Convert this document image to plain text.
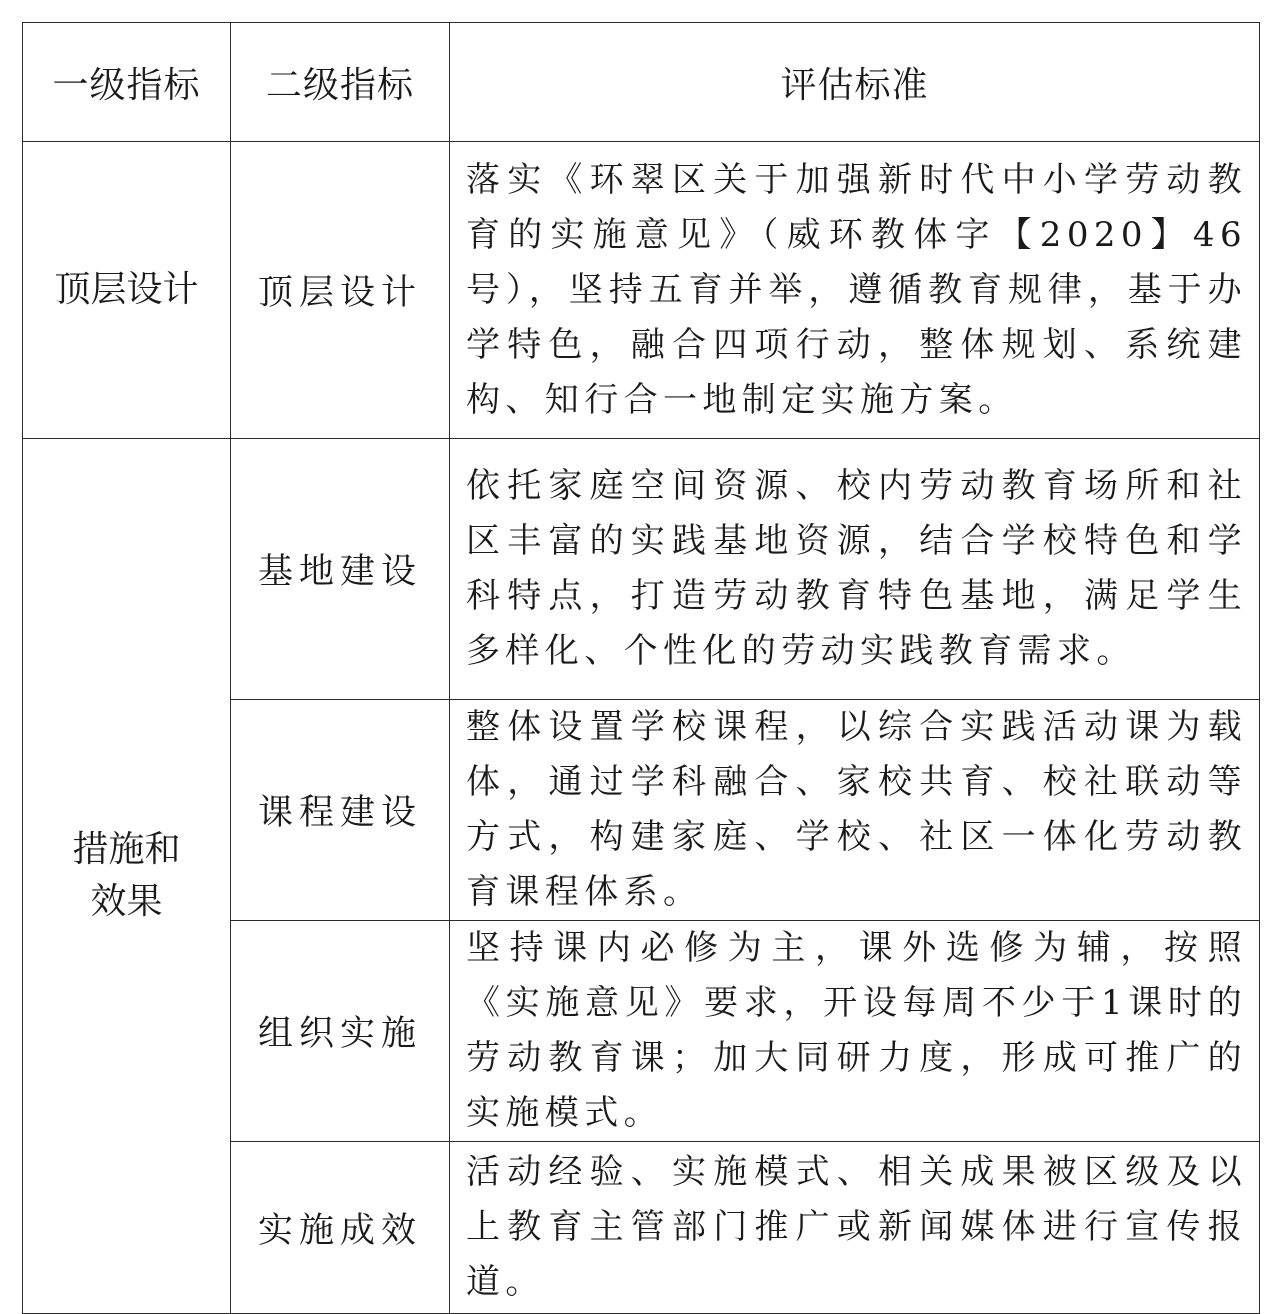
一级指标	二级指标	评估标准
顶层设计	顶层设计	落实《环翠区关于加强新时代中小学劳动教育的实施意见》（威环教体字【2020】46号），坚持五育并举，遵循教育规律，基于办学特色，融合四项行动，整体规划、系统建构、知行合一地制定实施方案。

措施和
效果	基地建设	依托家庭空间资源、校内劳动教育场所和社区丰富的实践基地资源，结合学校特色和学科特点，打造劳动教育特色基地，满足学生多样化、个性化的劳动实践教育需求。
	课程建设	整体设置学校课程，以综合实践活动课为载体，通过学科融合、家校共育、校社联动等方式，构建家庭、学校、社区一体化劳动教育课程体系。
	组织实施	坚持课内必修为主，课外选修为辅，按照《实施意见》要求，开设每周不少于1课时的劳动教育课；加大同研力度，形成可推广的实施模式。
	实施成效	活动经验、实施模式、相关成果被区级及以上教育主管部门推广或新闻媒体进行宣传报道。
